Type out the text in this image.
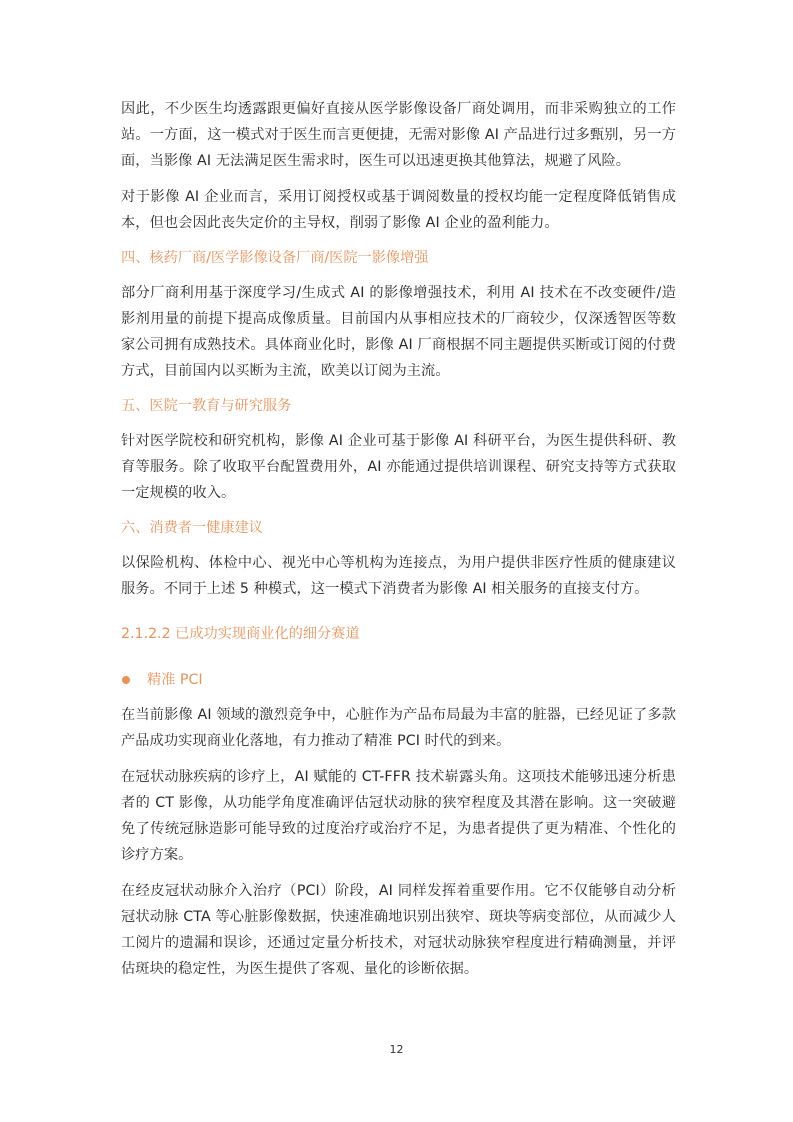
因此，不少医生均透露跟更偏好直接从医学影像设备厂商处调用，而非采购独立的工作站。一方面，这一模式对于医生而言更便捷，无需对影像 AI 产品进行过多甄别，另一方面，当影像 AI 无法满足医生需求时，医生可以迅速更换其他算法，规避了风险。

对于影像 AI 企业而言，采用订阅授权或基于调阅数量的授权均能一定程度降低销售成本，但也会因此丧失定价的主导权，削弱了影像 AI 企业的盈利能力。

四、核药厂商/医学影像设备厂商/医院一影像增强

部分厂商利用基于深度学习/生成式 AI 的影像增强技术，利用 AI 技术在不改变硬件/造影剂用量的前提下提高成像质量。目前国内从事相应技术的厂商较少，仅深透智医等数家公司拥有成熟技术。具体商业化时，影像 AI 厂商根据不同主题提供买断或订阅的付费方式，目前国内以买断为主流，欧美以订阅为主流。

五、医院一教育与研究服务

针对医学院校和研究机构，影像 AI 企业可基于影像 AI 科研平台，为医生提供科研、教育等服务。除了收取平台配置费用外，AI 亦能通过提供培训课程、研究支持等方式获取一定规模的收入。

六、消费者一健康建议

以保险机构、体检中心、视光中心等机构为连接点，为用户提供非医疗性质的健康建议服务。不同于上述 5 种模式，这一模式下消费者为影像 AI 相关服务的直接支付方。

2.1.2.2 已成功实现商业化的细分赛道
精准 PCI

在当前影像 AI 领域的激烈竞争中，心脏作为产品布局最为丰富的脏器，已经见证了多款产品成功实现商业化落地，有力推动了精准 PCI 时代的到来。

在冠状动脉疾病的诊疗上，AI 赋能的 CT-FFR 技术崭露头角。这项技术能够迅速分析患者的 CT 影像，从功能学角度准确评估冠状动脉的狭窄程度及其潜在影响。这一突破避免了传统冠脉造影可能导致的过度治疗或治疗不足，为患者提供了更为精准、个性化的诊疗方案。

在经皮冠状动脉介入治疗（PCI）阶段，AI 同样发挥着重要作用。它不仅能够自动分析冠状动脉 CTA 等心脏影像数据，快速准确地识别出狭窄、斑块等病变部位，从而减少人工阅片的遗漏和误诊，还通过定量分析技术，对冠状动脉狭窄程度进行精确测量，并评估斑块的稳定性，为医生提供了客观、量化的诊断依据。

12
